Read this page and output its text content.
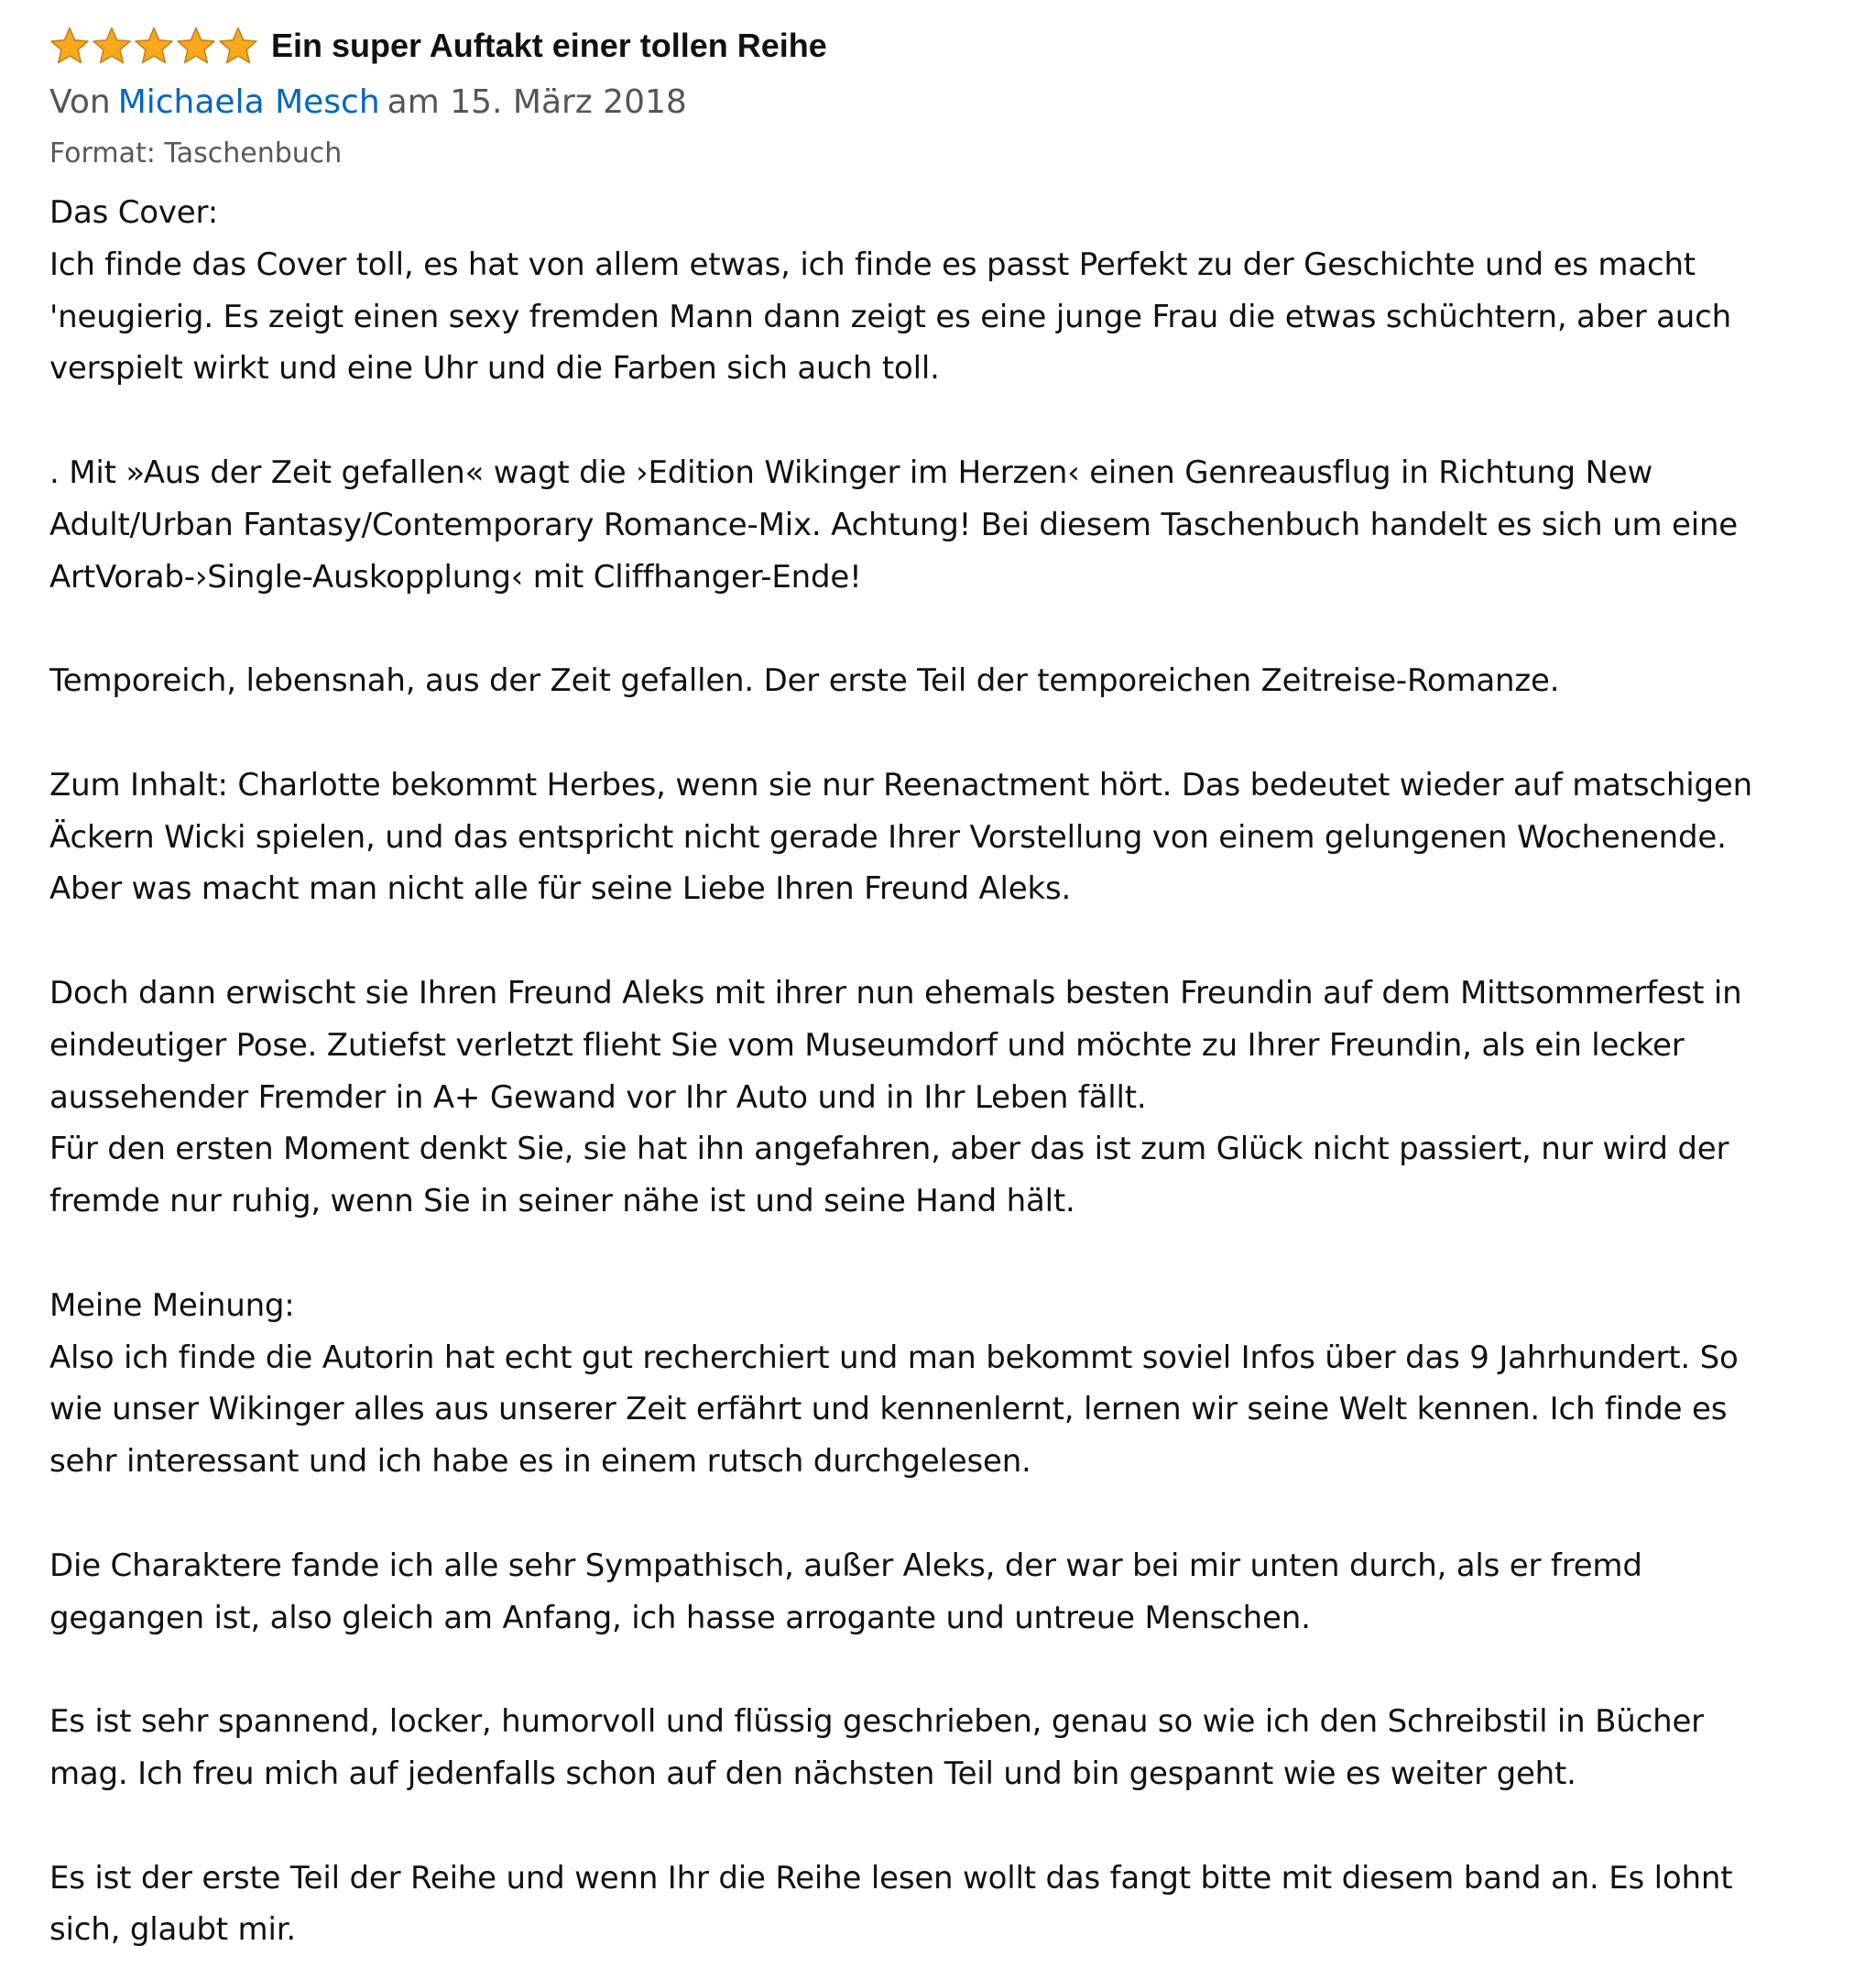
Ein super Auftakt einer tollen Reihe
Von Michaela Mesch am 15. März 2018
Format: Taschenbuch

Das Cover:

Ich finde das Cover toll, es hat von allem etwas, ich finde es passt Perfekt zu der Geschichte und es macht

'neugierig. Es zeigt einen sexy fremden Mann dann zeigt es eine junge Frau die etwas schüchtern, aber auch

verspielt wirkt und eine Uhr und die Farben sich auch toll.

. Mit »Aus der Zeit gefallen« wagt die ›Edition Wikinger im Herzen‹ einen Genreausflug in Richtung New

Adult/Urban Fantasy/Contemporary Romance-Mix. Achtung! Bei diesem Taschenbuch handelt es sich um eine

ArtVorab-›Single-Auskopplung‹ mit Cliffhanger-Ende!

Temporeich, lebensnah, aus der Zeit gefallen. Der erste Teil der temporeichen Zeitreise-Romanze.

Zum Inhalt: Charlotte bekommt Herbes, wenn sie nur Reenactment hört. Das bedeutet wieder auf matschigen

Äckern Wicki spielen, und das entspricht nicht gerade Ihrer Vorstellung von einem gelungenen Wochenende.

Aber was macht man nicht alle für seine Liebe Ihren Freund Aleks.

Doch dann erwischt sie Ihren Freund Aleks mit ihrer nun ehemals besten Freundin auf dem Mittsommerfest in

eindeutiger Pose. Zutiefst verletzt flieht Sie vom Museumdorf und möchte zu Ihrer Freundin, als ein lecker

aussehender Fremder in A+ Gewand vor Ihr Auto und in Ihr Leben fällt.

Für den ersten Moment denkt Sie, sie hat ihn angefahren, aber das ist zum Glück nicht passiert, nur wird der

fremde nur ruhig, wenn Sie in seiner nähe ist und seine Hand hält.

Meine Meinung:

Also ich finde die Autorin hat echt gut recherchiert und man bekommt soviel Infos über das 9 Jahrhundert. So

wie unser Wikinger alles aus unserer Zeit erfährt und kennenlernt, lernen wir seine Welt kennen. Ich finde es

sehr interessant und ich habe es in einem rutsch durchgelesen.

Die Charaktere fande ich alle sehr Sympathisch, außer Aleks, der war bei mir unten durch, als er fremd

gegangen ist, also gleich am Anfang, ich hasse arrogante und untreue Menschen.

Es ist sehr spannend, locker, humorvoll und flüssig geschrieben, genau so wie ich den Schreibstil in Bücher

mag. Ich freu mich auf jedenfalls schon auf den nächsten Teil und bin gespannt wie es weiter geht.

Es ist der erste Teil der Reihe und wenn Ihr die Reihe lesen wollt das fangt bitte mit diesem band an. Es lohnt

sich, glaubt mir.
